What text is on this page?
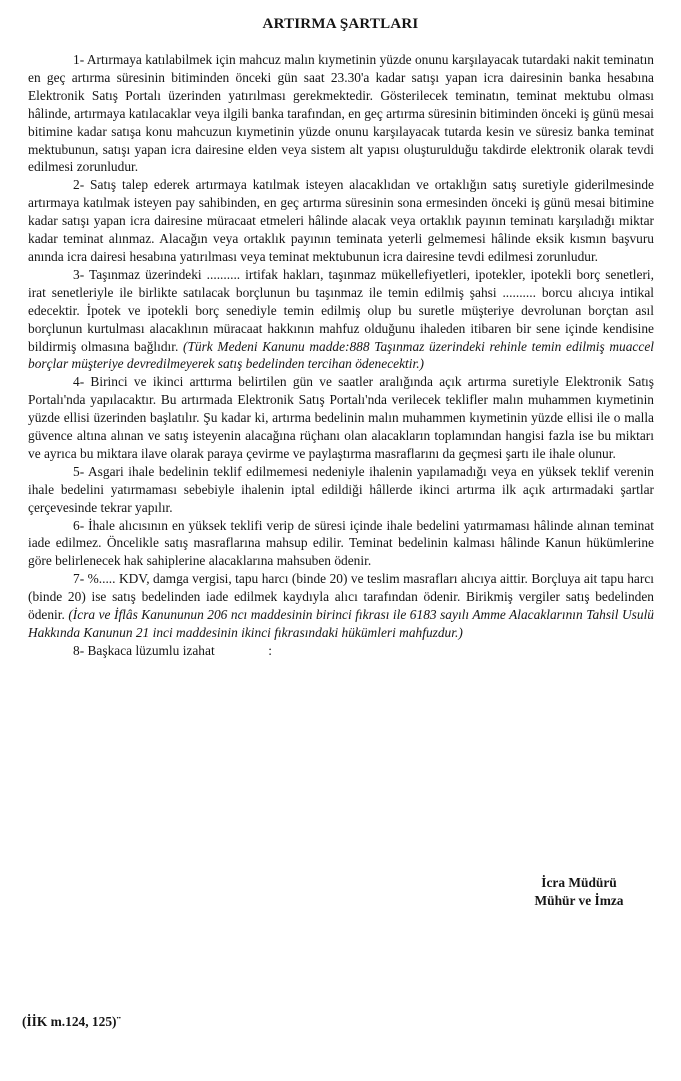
ARTIRMA ŞARTLARI

1- Artırmaya katılabilmek için mahcuz malın kıymetinin yüzde onunu karşılayacak tutardaki nakit teminatın en geç artırma süresinin bitiminden önceki gün saat 23.30'a kadar satışı yapan icra dairesinin banka hesabına Elektronik Satış Portalı üzerinden yatırılması gerekmektedir. Gösterilecek teminatın, teminat mektubu olması hâlinde, artırmaya katılacaklar veya ilgili banka tarafından, en geç artırma süresinin bitiminden önceki iş günü mesai bitimine kadar satışa konu mahcuzun kıymetinin yüzde onunu karşılayacak tutarda kesin ve süresiz banka teminat mektubunun, satışı yapan icra dairesine elden veya sistem alt yapısı oluşturulduğu takdirde elektronik olarak tevdi edilmesi zorunludur.

2- Satış talep ederek artırmaya katılmak isteyen alacaklıdan ve ortaklığın satış suretiyle giderilmesinde artırmaya katılmak isteyen pay sahibinden, en geç artırma süresinin sona ermesinden önceki iş günü mesai bitimine kadar satışı yapan icra dairesine müracaat etmeleri hâlinde alacak veya ortaklık payının teminatı karşıladığı miktar kadar teminat alınmaz. Alacağın veya ortaklık payının teminata yeterli gelmemesi hâlinde eksik kısmın başvuru anında icra dairesi hesabına yatırılması veya teminat mektubunun icra dairesine tevdi edilmesi zorunludur.

3- Taşınmaz üzerindeki .......... irtifak hakları, taşınmaz mükellefiyetleri, ipotekler, ipotekli borç senetleri, irat senetleriyle ile birlikte satılacak borçlunun bu taşınmaz ile temin edilmiş şahsi .......... borcu alıcıya intikal edecektir. İpotek ve ipotekli borç senediyle temin edilmiş olup bu suretle müşteriye devrolunan borçtan asıl borçlunun kurtulması alacaklının müracaat hakkının mahfuz olduğunu ihaleden itibaren bir sene içinde kendisine bildirmiş olmasına bağlıdır. (Türk Medeni Kanunu madde:888 Taşınmaz üzerindeki rehinle temin edilmiş muaccel borçlar müşteriye devredilmeyerek satış bedelinden tercihan ödenecektir.)

4- Birinci ve ikinci arttırma belirtilen gün ve saatler aralığında açık artırma suretiyle Elektronik Satış Portalı'nda yapılacaktır. Bu artırmada Elektronik Satış Portalı'nda verilecek teklifler malın muhammen kıymetinin yüzde ellisi üzerinden başlatılır. Şu kadar ki, artırma bedelinin malın muhammen kıymetinin yüzde ellisi ile o malla güvence altına alınan ve satış isteyenin alacağına rüçhanı olan alacakların toplamından hangisi fazla ise bu miktarı ve ayrıca bu miktara ilave olarak paraya çevirme ve paylaştırma masraflarını da geçmesi şartı ile ihale olunur.

5- Asgari ihale bedelinin teklif edilmemesi nedeniyle ihalenin yapılamadığı veya en yüksek teklif verenin ihale bedelini yatırmaması sebebiyle ihalenin iptal edildiği hâllerde ikinci artırma ilk açık artırmadaki şartlar çerçevesinde tekrar yapılır.

6- İhale alıcısının en yüksek teklifi verip de süresi içinde ihale bedelini yatırmaması hâlinde alınan teminat iade edilmez. Öncelikle satış masraflarına mahsup edilir. Teminat bedelinin kalması hâlinde Kanun hükümlerine göre belirlenecek hak sahiplerine alacaklarına mahsuben ödenir.

7- %..... KDV, damga vergisi, tapu harcı (binde 20) ve teslim masrafları alıcıya aittir. Borçluya ait tapu harcı (binde 20) ise satış bedelinden iade edilmek kaydıyla alıcı tarafından ödenir. Birikmiş vergiler satış bedelinden ödenir. (İcra ve İflâs Kanununun 206 ncı maddesinin birinci fıkrası ile 6183 sayılı Amme Alacaklarının Tahsil Usulü Hakkında Kanunun 21 inci maddesinin ikinci fıkrasındaki hükümleri mahfuzdur.)

8- Başkaca lüzumlu izahat                :

İcra Müdürü
Mühür ve İmza
(İİK m.124, 125)¨
